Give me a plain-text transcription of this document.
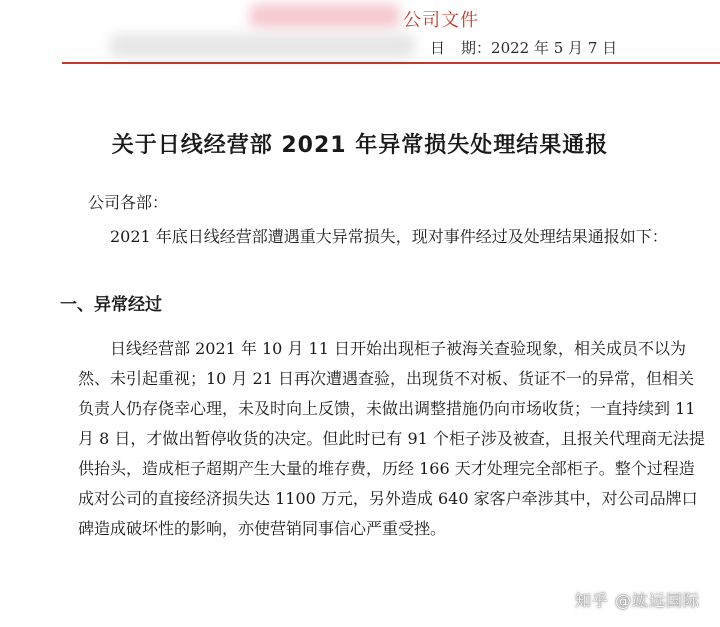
公司文件
日 期：2022 年 5 月 7 日
关于日线经营部 2021 年异常损失处理结果通报
公司各部：
2021 年底日线经营部遭遇重大异常损失，现对事件经过及处理结果通报如下：
一、异常经过
日线经营部 2021 年 10 月 11 日开始出现柜子被海关查验现象，相关成员不以为然、未引起重视；10 月 21 日再次遭遇查验，出现货不对板、货证不一的异常，但相关负责人仍存侥幸心理，未及时向上反馈，未做出调整措施仍向市场收货；一直持续到 11 月 8 日，才做出暂停收货的决定。但此时已有 91 个柜子涉及被查，且报关代理商无法提供抬头，造成柜子超期产生大量的堆存费，历经 166 天才处理完全部柜子。整个过程造成对公司的直接经济损失达 1100 万元，另外造成 640 家客户牵涉其中，对公司品牌口碑造成破坏性的影响，亦使营销同事信心严重受挫。
知乎 @竑远国际
